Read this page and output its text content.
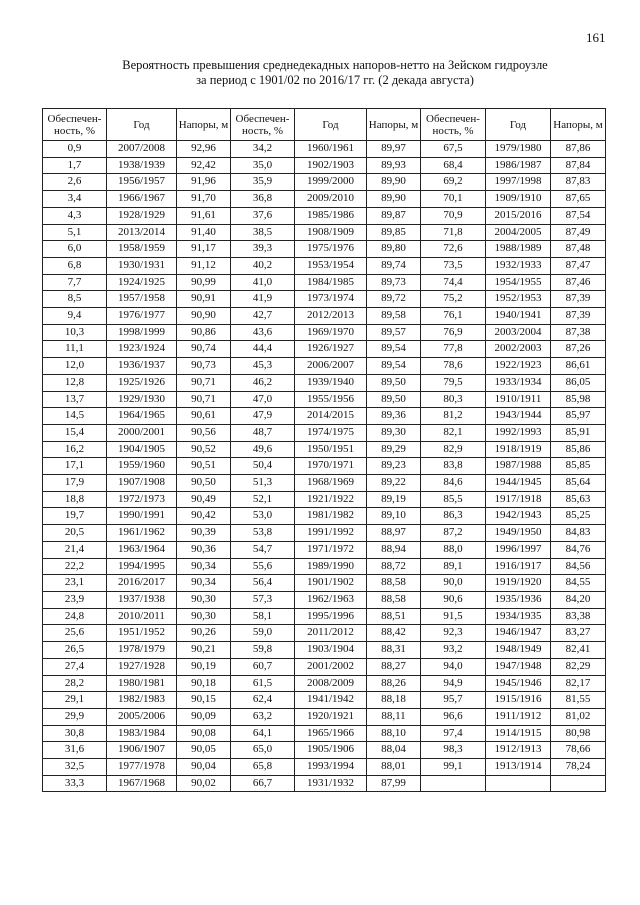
161
Вероятность превышения среднедекадных напоров-нетто на Зейском гидроузле
за период с 1901/02 по 2016/17 гг. (2 декада августа)
Обеспечен-ность, %	Год	Напоры, м	Обеспечен-ность, %	Год	Напоры, м	Обеспечен-ность, %	Год	Напоры, м
0,9	2007/2008	92,96	34,2	1960/1961	89,97	67,5	1979/1980	87,86
1,7	1938/1939	92,42	35,0	1902/1903	89,93	68,4	1986/1987	87,84
2,6	1956/1957	91,96	35,9	1999/2000	89,90	69,2	1997/1998	87,83
3,4	1966/1967	91,70	36,8	2009/2010	89,90	70,1	1909/1910	87,65
4,3	1928/1929	91,61	37,6	1985/1986	89,87	70,9	2015/2016	87,54
5,1	2013/2014	91,40	38,5	1908/1909	89,85	71,8	2004/2005	87,49
6,0	1958/1959	91,17	39,3	1975/1976	89,80	72,6	1988/1989	87,48
6,8	1930/1931	91,12	40,2	1953/1954	89,74	73,5	1932/1933	87,47
7,7	1924/1925	90,99	41,0	1984/1985	89,73	74,4	1954/1955	87,46
8,5	1957/1958	90,91	41,9	1973/1974	89,72	75,2	1952/1953	87,39
9,4	1976/1977	90,90	42,7	2012/2013	89,58	76,1	1940/1941	87,39
10,3	1998/1999	90,86	43,6	1969/1970	89,57	76,9	2003/2004	87,38
11,1	1923/1924	90,74	44,4	1926/1927	89,54	77,8	2002/2003	87,26
12,0	1936/1937	90,73	45,3	2006/2007	89,54	78,6	1922/1923	86,61
12,8	1925/1926	90,71	46,2	1939/1940	89,50	79,5	1933/1934	86,05
13,7	1929/1930	90,71	47,0	1955/1956	89,50	80,3	1910/1911	85,98
14,5	1964/1965	90,61	47,9	2014/2015	89,36	81,2	1943/1944	85,97
15,4	2000/2001	90,56	48,7	1974/1975	89,30	82,1	1992/1993	85,91
16,2	1904/1905	90,52	49,6	1950/1951	89,29	82,9	1918/1919	85,86
17,1	1959/1960	90,51	50,4	1970/1971	89,23	83,8	1987/1988	85,85
17,9	1907/1908	90,50	51,3	1968/1969	89,22	84,6	1944/1945	85,64
18,8	1972/1973	90,49	52,1	1921/1922	89,19	85,5	1917/1918	85,63
19,7	1990/1991	90,42	53,0	1981/1982	89,10	86,3	1942/1943	85,25
20,5	1961/1962	90,39	53,8	1991/1992	88,97	87,2	1949/1950	84,83
21,4	1963/1964	90,36	54,7	1971/1972	88,94	88,0	1996/1997	84,76
22,2	1994/1995	90,34	55,6	1989/1990	88,72	89,1	1916/1917	84,56
23,1	2016/2017	90,34	56,4	1901/1902	88,58	90,0	1919/1920	84,55
23,9	1937/1938	90,30	57,3	1962/1963	88,58	90,6	1935/1936	84,20
24,8	2010/2011	90,30	58,1	1995/1996	88,51	91,5	1934/1935	83,38
25,6	1951/1952	90,26	59,0	2011/2012	88,42	92,3	1946/1947	83,27
26,5	1978/1979	90,21	59,8	1903/1904	88,31	93,2	1948/1949	82,41
27,4	1927/1928	90,19	60,7	2001/2002	88,27	94,0	1947/1948	82,29
28,2	1980/1981	90,18	61,5	2008/2009	88,26	94,9	1945/1946	82,17
29,1	1982/1983	90,15	62,4	1941/1942	88,18	95,7	1915/1916	81,55
29,9	2005/2006	90,09	63,2	1920/1921	88,11	96,6	1911/1912	81,02
30,8	1983/1984	90,08	64,1	1965/1966	88,10	97,4	1914/1915	80,98
31,6	1906/1907	90,05	65,0	1905/1906	88,04	98,3	1912/1913	78,66
32,5	1977/1978	90,04	65,8	1993/1994	88,01	99,1	1913/1914	78,24
33,3	1967/1968	90,02	66,7	1931/1932	87,99			
